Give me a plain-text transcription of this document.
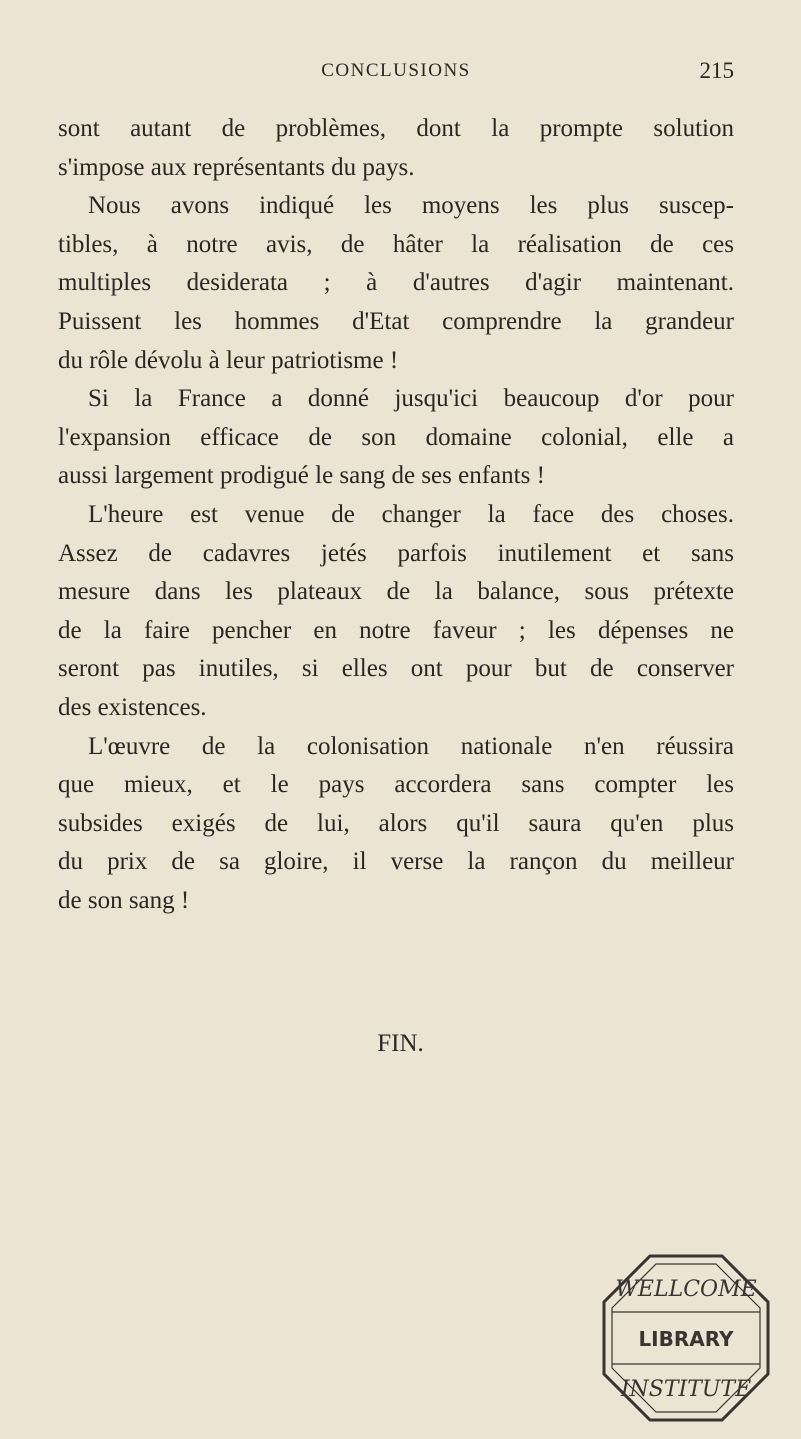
CONCLUSIONS	215
sont autant de problèmes, dont la prompte solution
s'impose aux représentants du pays.
Nous avons indiqué les moyens les plus suscep-
tibles, à notre avis, de hâter la réalisation de ces
multiples desiderata ; à d'autres d'agir maintenant.
Puissent les hommes d'Etat comprendre la grandeur
du rôle dévolu à leur patriotisme !
Si la France a donné jusqu'ici beaucoup d'or pour
l'expansion efficace de son domaine colonial, elle a
aussi largement prodigué le sang de ses enfants !
L'heure est venue de changer la face des choses.
Assez de cadavres jetés parfois inutilement et sans
mesure dans les plateaux de la balance, sous prétexte
de la faire pencher en notre faveur ; les dépenses ne
seront pas inutiles, si elles ont pour but de conserver
des existences.
L'œuvre de la colonisation nationale n'en réussira
que mieux, et le pays accordera sans compter les
subsides exigés de lui, alors qu'il saura qu'en plus
du prix de sa gloire, il verse la rançon du meilleur
de son sang !
FIN.
WELLCOME
LIBRARY
INSTITUTE
